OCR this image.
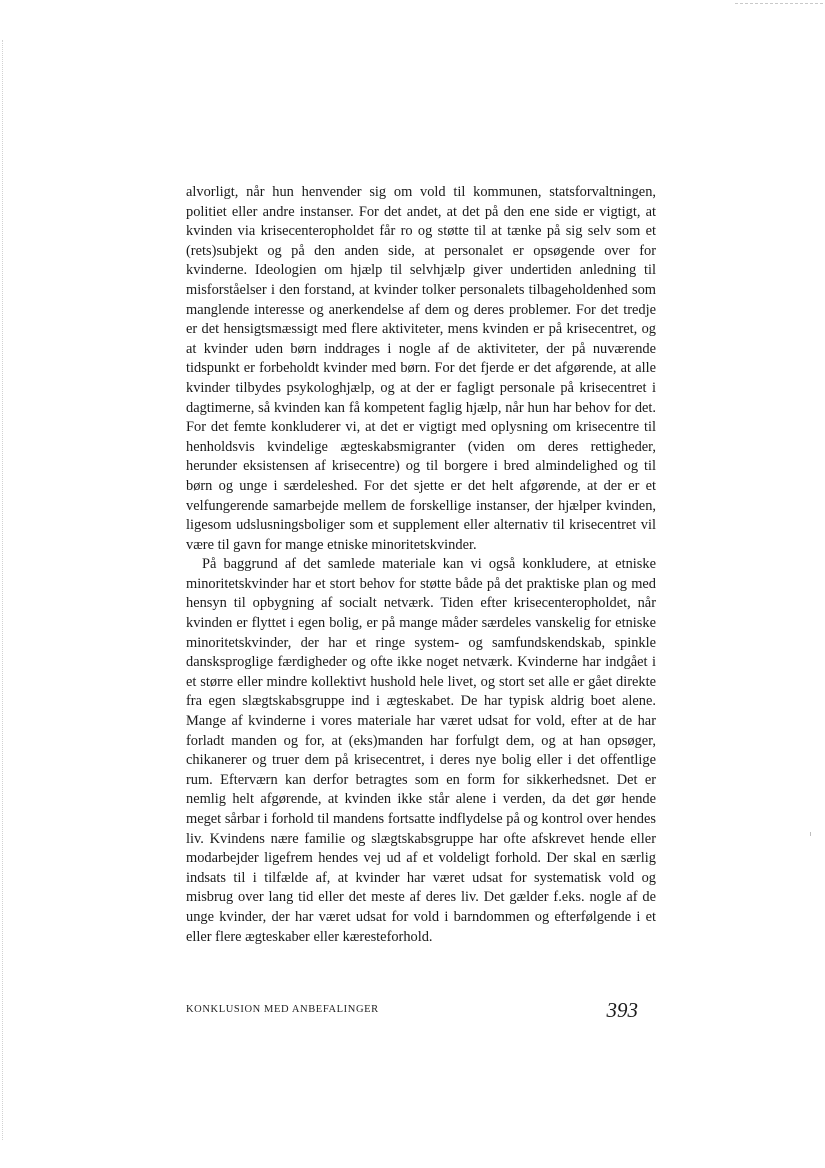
alvorligt, når hun henvender sig om vold til kommunen, statsforvaltningen, politiet eller andre instanser. For det andet, at det på den ene side er vigtigt, at kvinden via krisecenteropholdet får ro og støtte til at tænke på sig selv som et (rets)subjekt og på den anden side, at personalet er opsøgende over for kvinderne. Ideologien om hjælp til selvhjælp giver undertiden anledning til misforståelser i den forstand, at kvinder tolker personalets tilbageholdenhed som manglende interesse og anerkendelse af dem og deres problemer. For det tredje er det hensigtsmæssigt med flere aktiviteter, mens kvinden er på krisecentret, og at kvinder uden børn inddrages i nogle af de aktiviteter, der på nuværende tidspunkt er forbeholdt kvinder med børn. For det fjerde er det afgørende, at alle kvinder tilbydes psykologhjælp, og at der er fagligt personale på krisecentret i dagtimerne, så kvinden kan få kompetent faglig hjælp, når hun har behov for det. For det femte konkluderer vi, at det er vigtigt med oplysning om krisecentre til henholdsvis kvindelige ægteskabsmigranter (viden om deres rettigheder, herunder eksistensen af krisecentre) og til borgere i bred almindelighed og til børn og unge i særdeleshed. For det sjette er det helt afgørende, at der er et velfungerende samarbejde mellem de forskellige instanser, der hjælper kvinden, ligesom udslusningsboliger som et supplement eller alternativ til krisecentret vil være til gavn for mange etniske minoritetskvinder.

På baggrund af det samlede materiale kan vi også konkludere, at etniske minoritetskvinder har et stort behov for støtte både på det praktiske plan og med hensyn til opbygning af socialt netværk. Tiden efter krisecenteropholdet, når kvinden er flyttet i egen bolig, er på mange måder særdeles vanskelig for etniske minoritetskvinder, der har et ringe system- og samfundskendskab, spinkle dansksproglige færdigheder og ofte ikke noget netværk. Kvinderne har indgået i et større eller mindre kollektivt hushold hele livet, og stort set alle er gået direkte fra egen slægtskabsgruppe ind i ægteskabet. De har typisk aldrig boet alene. Mange af kvinderne i vores materiale har været udsat for vold, efter at de har forladt manden og for, at (eks)manden har forfulgt dem, og at han opsøger, chikanerer og truer dem på krisecentret, i deres nye bolig eller i det offentlige rum. Efterværn kan derfor betragtes som en form for sikkerhedsnet. Det er nemlig helt afgørende, at kvinden ikke står alene i verden, da det gør hende meget sårbar i forhold til mandens fortsatte indflydelse på og kontrol over hendes liv. Kvindens nære familie og slægtskabsgruppe har ofte afskrevet hende eller modarbejder ligefrem hendes vej ud af et voldeligt forhold. Der skal en særlig indsats til i tilfælde af, at kvinder har været udsat for systematisk vold og misbrug over lang tid eller det meste af deres liv. Det gælder f.eks. nogle af de unge kvinder, der har været udsat for vold i barndommen og efterfølgende i et eller flere ægteskaber eller kæresteforhold.

KONKLUSION MED ANBEFALINGER	393
